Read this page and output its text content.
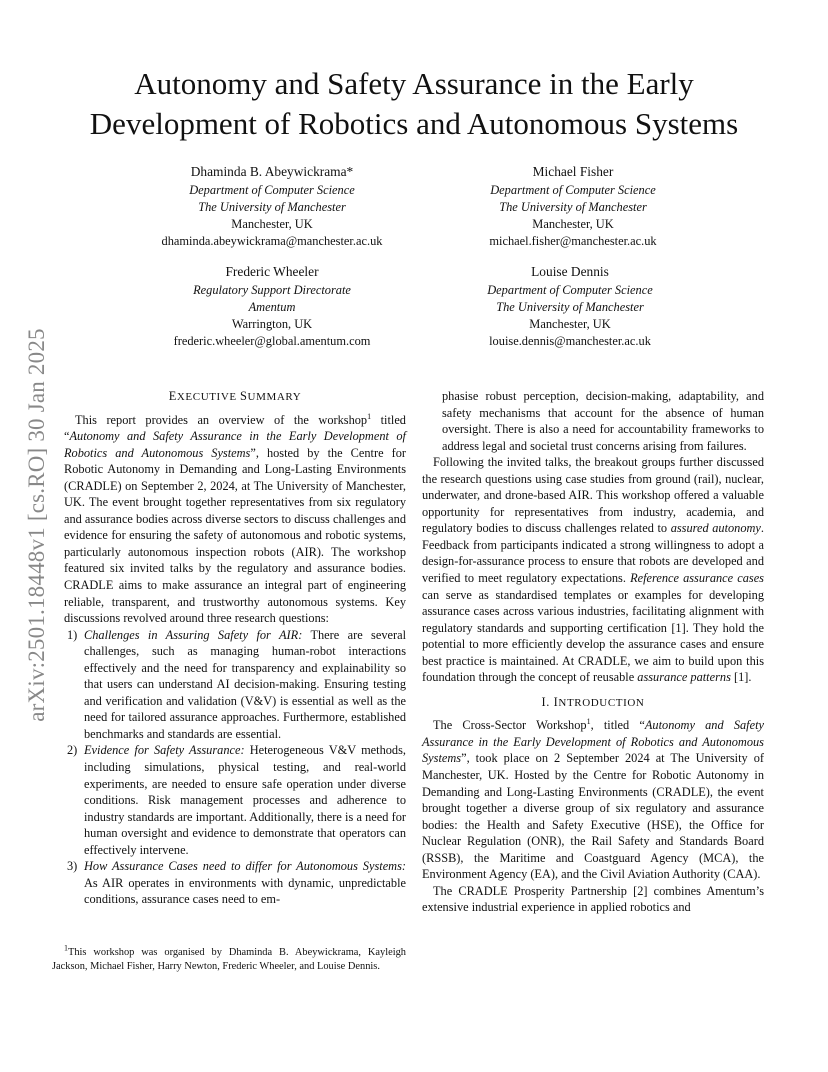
arXiv:2501.18448v1 [cs.RO] 30 Jan 2025
Autonomy and Safety Assurance in the Early
Development of Robotics and Autonomous Systems
Dhaminda B. Abeywickrama*
Department of Computer Science
The University of Manchester
Manchester, UK
dhaminda.abeywickrama@manchester.ac.uk
Michael Fisher
Department of Computer Science
The University of Manchester
Manchester, UK
michael.fisher@manchester.ac.uk
Frederic Wheeler
Regulatory Support Directorate
Amentum
Warrington, UK
frederic.wheeler@global.amentum.com
Louise Dennis
Department of Computer Science
The University of Manchester
Manchester, UK
louise.dennis@manchester.ac.uk

EXECUTIVE SUMMARY

This report provides an overview of the workshop$^1$ titled “Autonomy and Safety Assurance in the Early Development of Robotics and Autonomous Systems”, hosted by the Centre for Robotic Autonomy in Demanding and Long-Lasting Environments (CRADLE) on September 2, 2024, at The University of Manchester, UK. The event brought together representatives from six regulatory and assurance bodies across diverse sectors to discuss challenges and evidence for ensuring the safety of autonomous and robotic systems, particularly autonomous inspection robots (AIR). The workshop featured six invited talks by the regulatory and assurance bodies. CRADLE aims to make assurance an integral part of engineering reliable, transparent, and trustworthy autonomous systems. Key discussions revolved around three research questions:

1) Challenges in Assuring Safety for AIR: There are several challenges, such as managing human-robot interactions effectively and the need for transparency and explainability so that users can understand AI decision-making. Ensuring testing and verification and validation (V&V) is essential as well as the need for tailored assurance approaches. Furthermore, established benchmarks and standards are essential.
2) Evidence for Safety Assurance: Heterogeneous V&V methods, including simulations, physical testing, and real-world experiments, are needed to ensure safe operation under diverse conditions. Risk management processes and adherence to industry standards are important. Additionally, there is a need for human oversight and evidence to demonstrate that operators can effectively intervene.
3) How Assurance Cases need to differ for Autonomous Systems: As AIR operates in environments with dynamic, unpredictable conditions, assurance cases need to em-
$^1$This workshop was organised by Dhaminda B. Abeywickrama, Kayleigh Jackson, Michael Fisher, Harry Newton, Frederic Wheeler, and Louise Dennis.

phasise robust perception, decision-making, adaptability, and safety mechanisms that account for the absence of human oversight. There is also a need for accountability frameworks to address legal and societal trust concerns arising from failures.

Following the invited talks, the breakout groups further discussed the research questions using case studies from ground (rail), nuclear, underwater, and drone-based AIR. This workshop offered a valuable opportunity for representatives from industry, academia, and regulatory bodies to discuss challenges related to assured autonomy. Feedback from participants indicated a strong willingness to adopt a design-for-assurance process to ensure that robots are developed and verified to meet regulatory expectations. Reference assurance cases can serve as standardised templates or examples for developing assurance cases across various industries, facilitating alignment with regulatory standards and supporting certification [1]. They hold the potential to more efficiently develop the assurance cases and ensure best practice is maintained. At CRADLE, we aim to build upon this foundation through the concept of reusable assurance patterns [1].

I. INTRODUCTION

The Cross-Sector Workshop$^1$, titled “Autonomy and Safety Assurance in the Early Development of Robotics and Autonomous Systems”, took place on 2 September 2024 at The University of Manchester, UK. Hosted by the Centre for Robotic Autonomy in Demanding and Long-Lasting Environments (CRADLE), the event brought together a diverse group of six regulatory and assurance bodies: the Health and Safety Executive (HSE), the Office for Nuclear Regulation (ONR), the Rail Safety and Standards Board (RSSB), the Maritime and Coastguard Agency (MCA), the Environment Agency (EA), and the Civil Aviation Authority (CAA).

The CRADLE Prosperity Partnership [2] combines Amentum’s extensive industrial experience in applied robotics and
